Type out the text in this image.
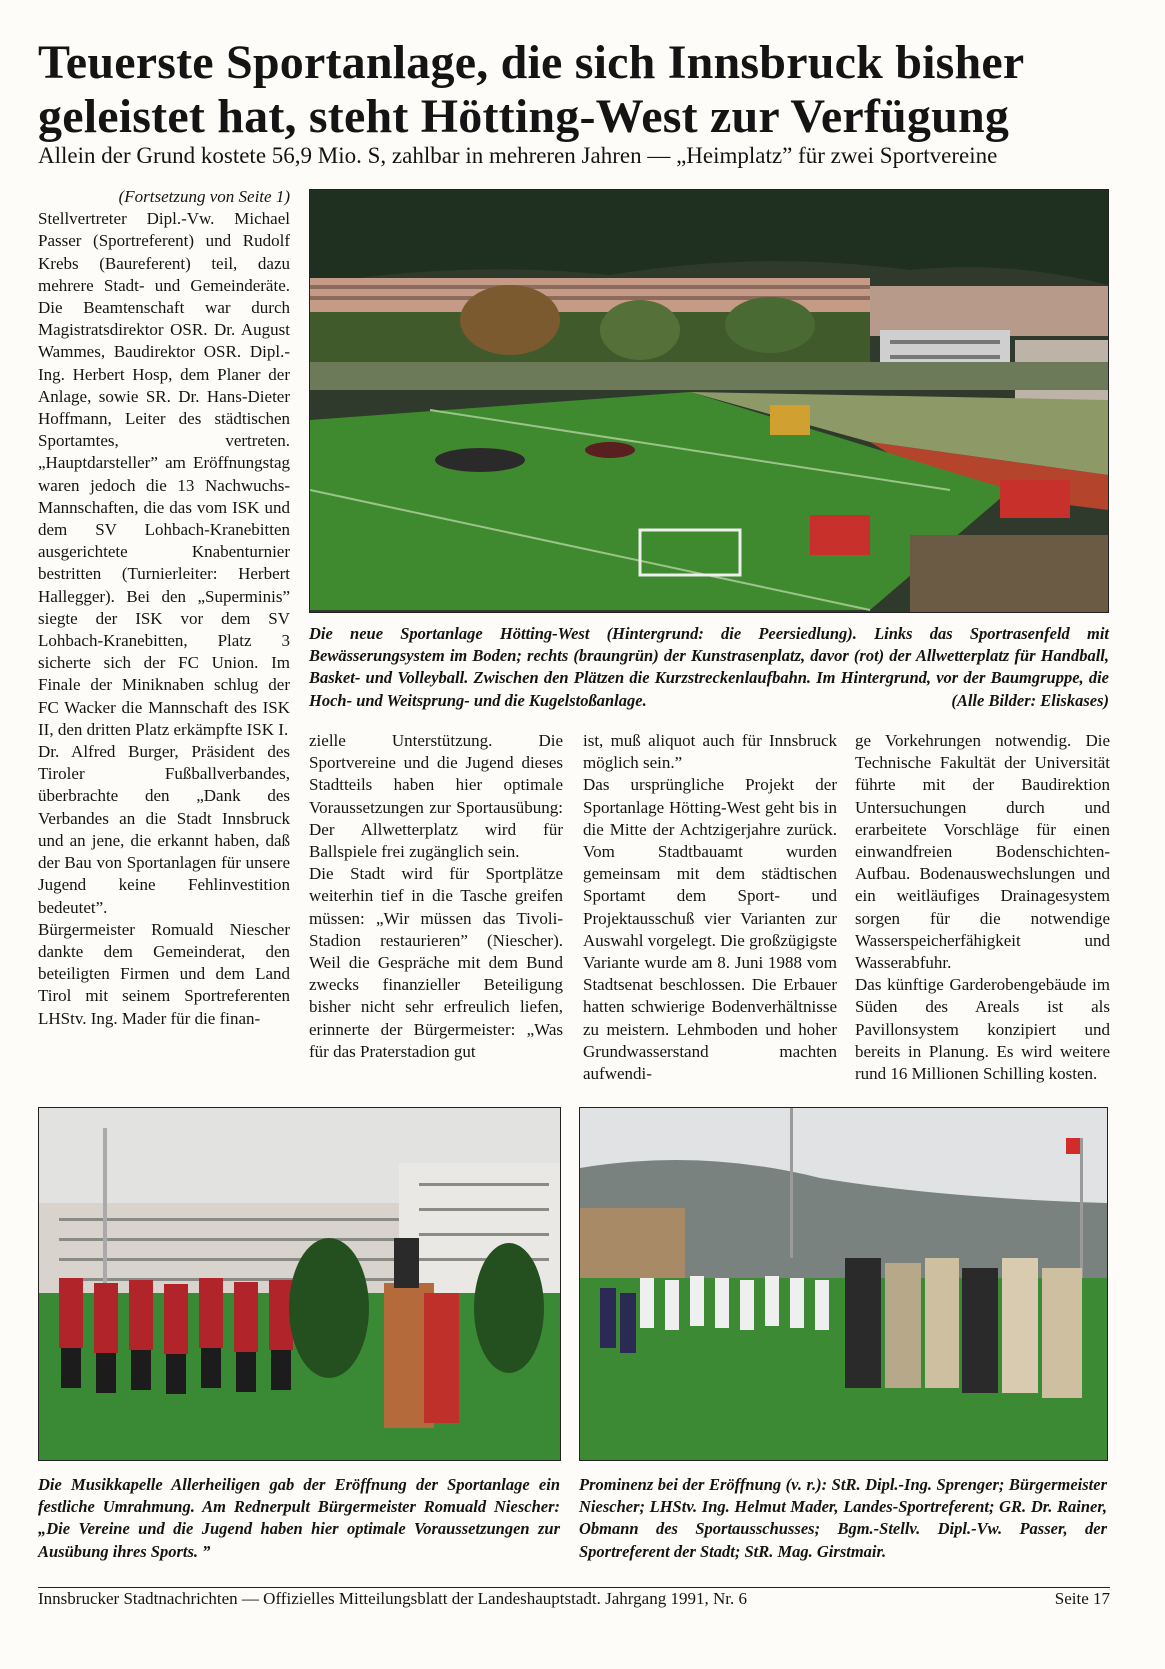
Teuerste Sportanlage, die sich Innsbruck bisher geleistet hat, steht Hötting-West zur Verfügung

Allein der Grund kostete 56,9 Mio. S, zahlbar in mehreren Jahren — „Heimplatz” für zwei Sportvereine

(Fortsetzung von Seite 1)

Stellvertreter Dipl.-Vw. Michael Passer (Sportreferent) und Rudolf Krebs (Baureferent) teil, dazu mehrere Stadt- und Gemeinderäte. Die Beamtenschaft war durch Magistratsdirektor OSR. Dr. August Wammes, Baudirektor OSR. Dipl.-Ing. Herbert Hosp, dem Planer der Anlage, sowie SR. Dr. Hans-Dieter Hoffmann, Leiter des städtischen Sportamtes, vertreten. „Hauptdarsteller” am Eröffnungstag waren jedoch die 13 Nachwuchs-Mannschaften, die das vom ISK und dem SV Lohbach-Kranebitten ausgerichtete Knabenturnier bestritten (Turnierleiter: Herbert Hallegger). Bei den „Superminis” siegte der ISK vor dem SV Lohbach-Kranebitten, Platz 3 sicherte sich der FC Union. Im Finale der Miniknaben schlug der FC Wacker die Mannschaft des ISK II, den dritten Platz erkämpfte ISK I.

Dr. Alfred Burger, Präsident des Tiroler Fußballverbandes, überbrachte den „Dank des Verbandes an die Stadt Innsbruck und an jene, die erkannt haben, daß der Bau von Sportanlagen für unsere Jugend keine Fehlinvestition bedeutet”.

Bürgermeister Romuald Niescher dankte dem Gemeinderat, den beteiligten Firmen und dem Land Tirol mit seinem Sportreferenten LHStv. Ing. Mader für die finan-

Die neue Sportanlage Hötting-West (Hintergrund: die Peersiedlung). Links das Sportrasenfeld mit Bewässerungsystem im Boden; rechts (braungrün) der Kunstrasenplatz, davor (rot) der Allwetterplatz für Handball, Basket- und Volleyball. Zwischen den Plätzen die Kurzstreckenlaufbahn. Im Hintergrund, vor der Baumgruppe, die Hoch- und Weitsprung- und die Kugelstoßanlage.	(Alle Bilder: Eliskases)

zielle Unterstützung. Die Sportvereine und die Jugend dieses Stadtteils haben hier optimale Voraussetzungen zur Sportausübung: Der Allwetterplatz wird für Ballspiele frei zugänglich sein.

Die Stadt wird für Sportplätze weiterhin tief in die Tasche greifen müssen: „Wir müssen das Tivoli-Stadion restaurieren” (Niescher). Weil die Gespräche mit dem Bund zwecks finanzieller Beteiligung bisher nicht sehr erfreulich liefen, erinnerte der Bürgermeister: „Was für das Praterstadion gut

ist, muß aliquot auch für Innsbruck möglich sein.”

Das ursprüngliche Projekt der Sportanlage Hötting-West geht bis in die Mitte der Achtzigerjahre zurück. Vom Stadtbauamt wurden gemeinsam mit dem städtischen Sportamt dem Sport- und Projektausschuß vier Varianten zur Auswahl vorgelegt. Die großzügigste Variante wurde am 8. Juni 1988 vom Stadtsenat beschlossen. Die Erbauer hatten schwierige Bodenverhältnisse zu meistern. Lehmboden und hoher Grundwasserstand machten aufwendi-

ge Vorkehrungen notwendig. Die Technische Fakultät der Universität führte mit der Baudirektion Untersuchungen durch und erarbeitete Vorschläge für einen einwandfreien Bodenschichten-Aufbau. Bodenauswechslungen und ein weitläufiges Drainagesystem sorgen für die notwendige Wasserspeicherfähigkeit und Wasserabfuhr.

Das künftige Garderobengebäude im Süden des Areals ist als Pavillonsystem konzipiert und bereits in Planung. Es wird weitere rund 16 Millionen Schilling kosten.

Die Musikkapelle Allerheiligen gab der Eröffnung der Sportanlage ein festliche Umrahmung. Am Rednerpult Bürgermeister Romuald Niescher: „Die Vereine und die Jugend haben hier optimale Voraussetzungen zur Ausübung ihres Sports. ”
Prominenz bei der Eröffnung (v. r.): StR. Dipl.-Ing. Sprenger; Bürgermeister Niescher; LHStv. Ing. Helmut Mader, Landes-Sportreferent; GR. Dr. Rainer, Obmann des Sportausschusses; Bgm.-Stellv. Dipl.-Vw. Passer, der Sportreferent der Stadt; StR. Mag. Girstmair.
Innsbrucker Stadtnachrichten — Offizielles Mitteilungsblatt der Landeshauptstadt. Jahrgang 1991, Nr. 6	Seite 17
